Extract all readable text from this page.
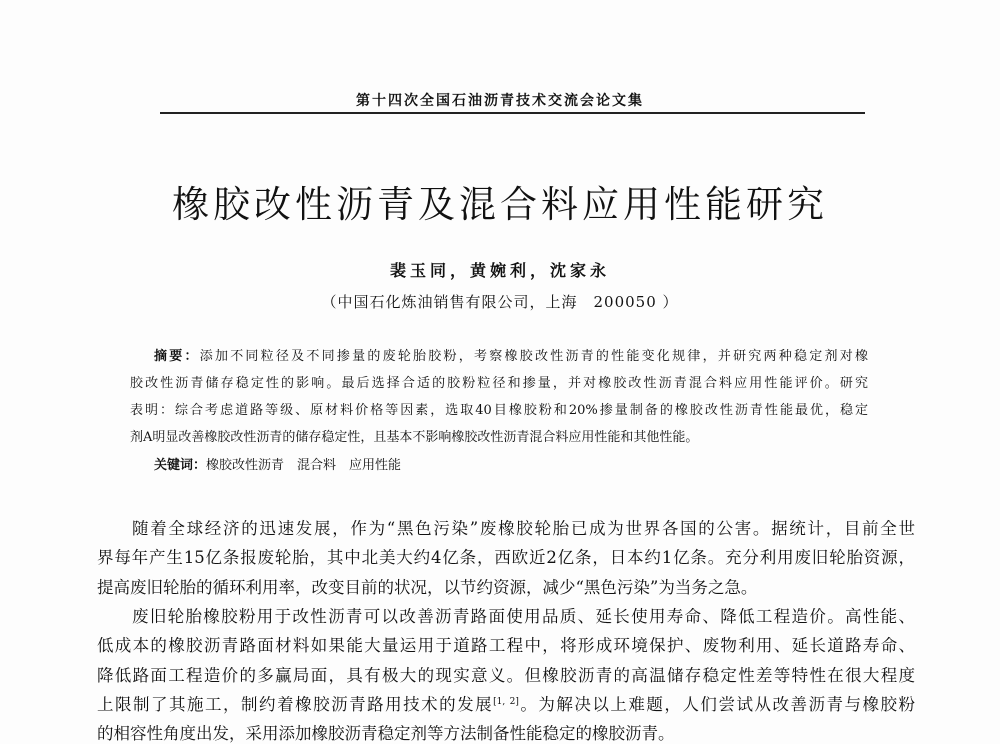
第十四次全国石油沥青技术交流会论文集
橡胶改性沥青及混合料应用性能研究
裴玉同，黄婉利，沈家永
（中国石化炼油销售有限公司，上海　200050 ）
摘要：添加不同粒径及不同掺量的废轮胎胶粉，考察橡胶改性沥青的性能变化规律，并研究两种稳定剂对橡
胶改性沥青储存稳定性的影响。最后选择合适的胶粉粒径和掺量，并对橡胶改性沥青混合料应用性能评价。研究
表明：综合考虑道路等级、原材料价格等因素，选取40目橡胶粉和20%掺量制备的橡胶改性沥青性能最优，稳定
剂A明显改善橡胶改性沥青的储存稳定性，且基本不影响橡胶改性沥青混合料应用性能和其他性能。
关键词：橡胶改性沥青　混合料　应用性能
随着全球经济的迅速发展，作为“黑色污染”废橡胶轮胎已成为世界各国的公害。据统计，目前全世
界每年产生15亿条报废轮胎，其中北美大约4亿条，西欧近2亿条，日本约1亿条。充分利用废旧轮胎资源，
提高废旧轮胎的循环利用率，改变目前的状况，以节约资源，减少“黑色污染”为当务之急。
废旧轮胎橡胶粉用于改性沥青可以改善沥青路面使用品质、延长使用寿命、降低工程造价。高性能、
低成本的橡胶沥青路面材料如果能大量运用于道路工程中，将形成环境保护、废物利用、延长道路寿命、
降低路面工程造价的多赢局面，具有极大的现实意义。但橡胶沥青的高温储存稳定性差等特性在很大程度
上限制了其施工，制约着橡胶沥青路用技术的发展[1, 2]。为解决以上难题，人们尝试从改善沥青与橡胶粉
的相容性角度出发，采用添加橡胶沥青稳定剂等方法制备性能稳定的橡胶沥青。
